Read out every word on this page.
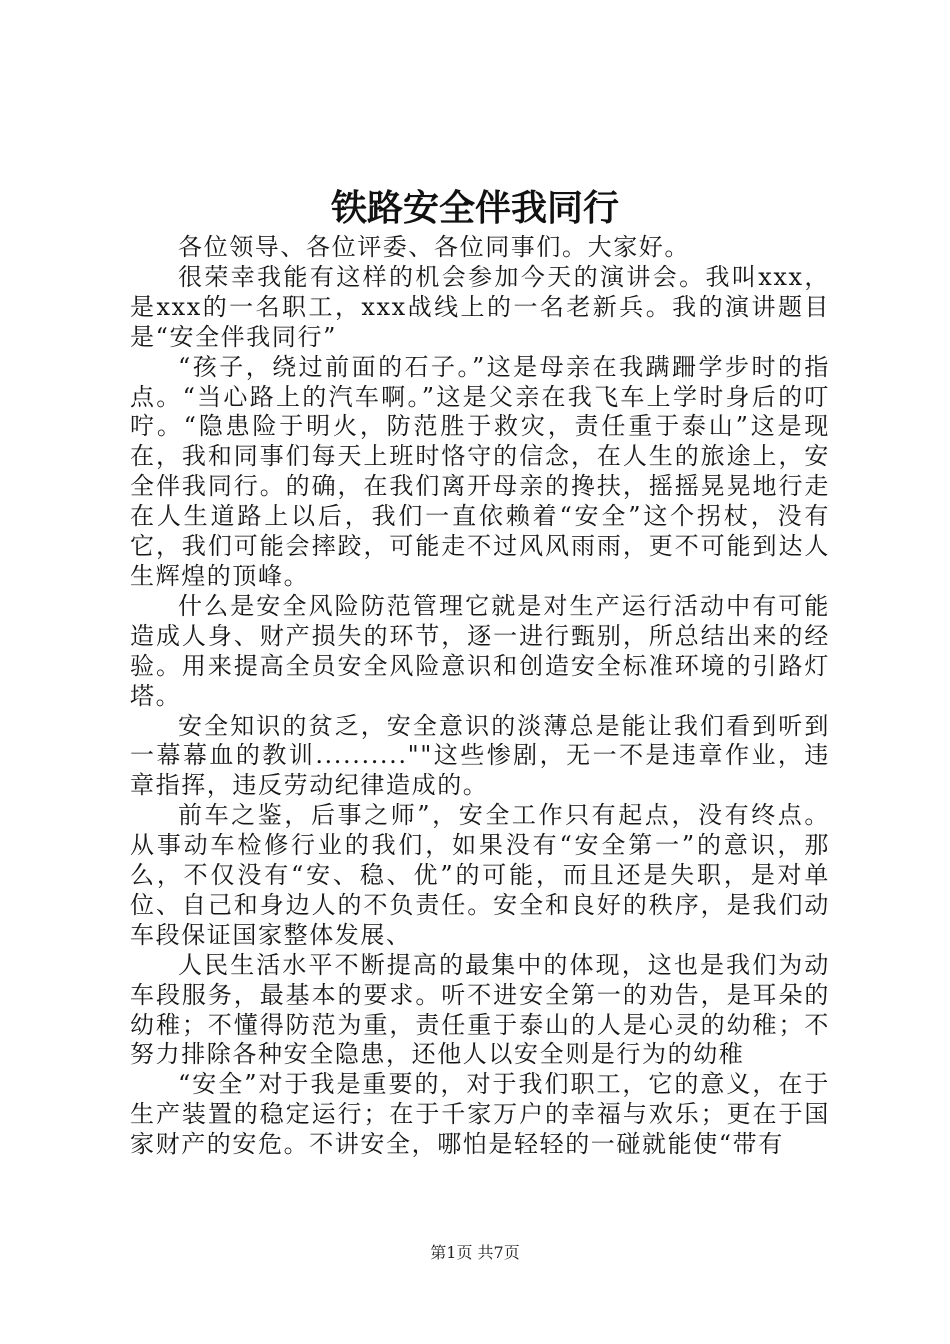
铁路安全伴我同行

各位领导、各位评委、各位同事们。大家好。

很荣幸我能有这样的机会参加今天的演讲会。我叫xxx，是xxx的一名职工，xxx战线上的一名老新兵。我的演讲题目是“安全伴我同行”

“孩子，绕过前面的石子。”这是母亲在我蹒跚学步时的指点。“当心路上的汽车啊。”这是父亲在我飞车上学时身后的叮咛。“隐患险于明火，防范胜于救灾，责任重于泰山”这是现在，我和同事们每天上班时恪守的信念，在人生的旅途上，安全伴我同行。的确，在我们离开母亲的搀扶，摇摇晃晃地行走在人生道路上以后，我们一直依赖着“安全”这个拐杖，没有它，我们可能会摔跤，可能走不过风风雨雨，更不可能到达人生辉煌的顶峰。

什么是安全风险防范管理它就是对生产运行活动中有可能造成人身、财产损失的环节，逐一进行甄别，所总结出来的经验。用来提高全员安全风险意识和创造安全标准环境的引路灯塔。

安全知识的贫乏，安全意识的淡薄总是能让我们看到听到一幕幕血的教训..........""这些惨剧，无一不是违章作业，违章指挥，违反劳动纪律造成的。

前车之鉴，后事之师”，安全工作只有起点，没有终点。从事动车检修行业的我们，如果没有“安全第一”的意识，那么，不仅没有“安、稳、优”的可能，而且还是失职，是对单位、自己和身边人的不负责任。安全和良好的秩序，是我们动车段保证国家整体发展、

人民生活水平不断提高的最集中的体现，这也是我们为动车段服务，最基本的要求。听不进安全第一的劝告，是耳朵的幼稚；不懂得防范为重，责任重于泰山的人是心灵的幼稚；不努力排除各种安全隐患，还他人以安全则是行为的幼稚

“安全”对于我是重要的，对于我们职工，它的意义，在于生产装置的稳定运行；在于千家万户的幸福与欢乐；更在于国家财产的安危。不讲安全，哪怕是轻轻的一碰就能使“带有

第1页 共7页
